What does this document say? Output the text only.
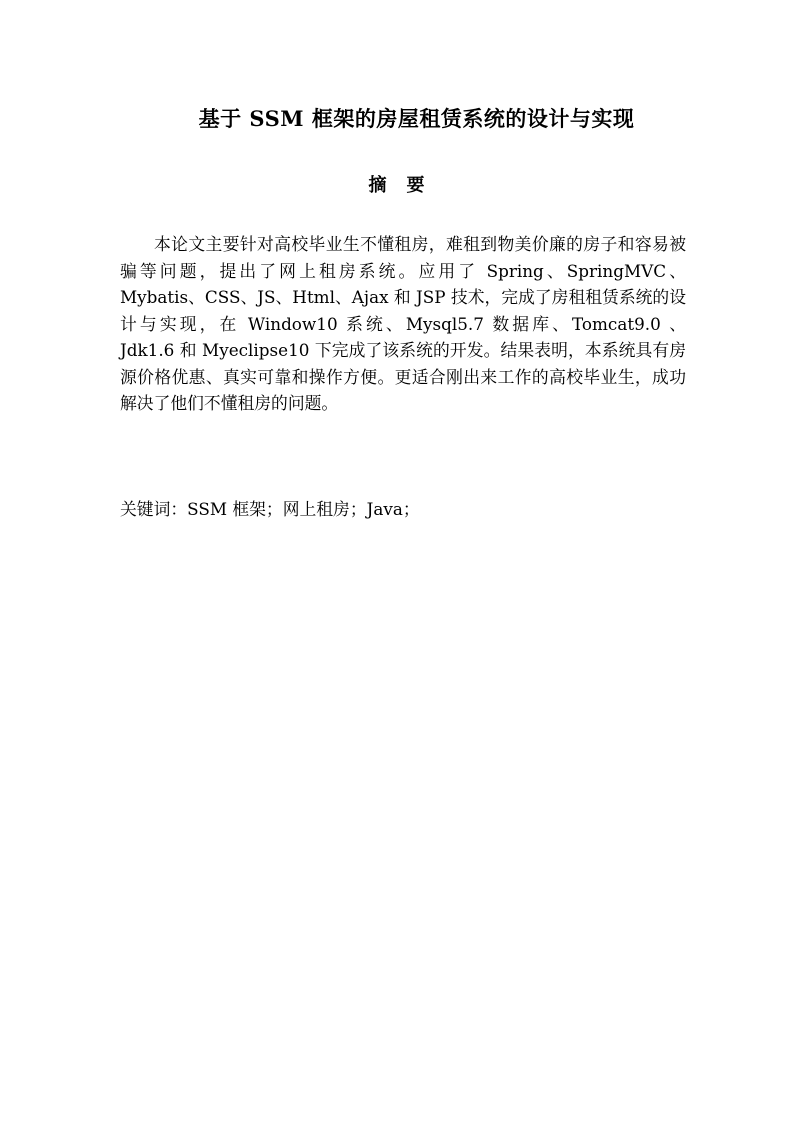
基于 SSM 框架的房屋租赁系统的设计与实现
摘要

本论文主要针对高校毕业生不懂租房，难租到物美价廉的房子和容易被骗等问题，提出了网上租房系统。应用了 Spring、SpringMVC、Mybatis、CSS、JS、Html、Ajax 和 JSP 技术，完成了房租租赁系统的设计与实现，在 Window10 系统、Mysql5.7 数据库、Tomcat9.0 、Jdk1.6 和 Myeclipse10 下完成了该系统的开发。结果表明，本系统具有房源价格优惠、真实可靠和操作方便。更适合刚出来工作的高校毕业生，成功解决了他们不懂租房的问题。

关键词：SSM 框架；网上租房；Java；
